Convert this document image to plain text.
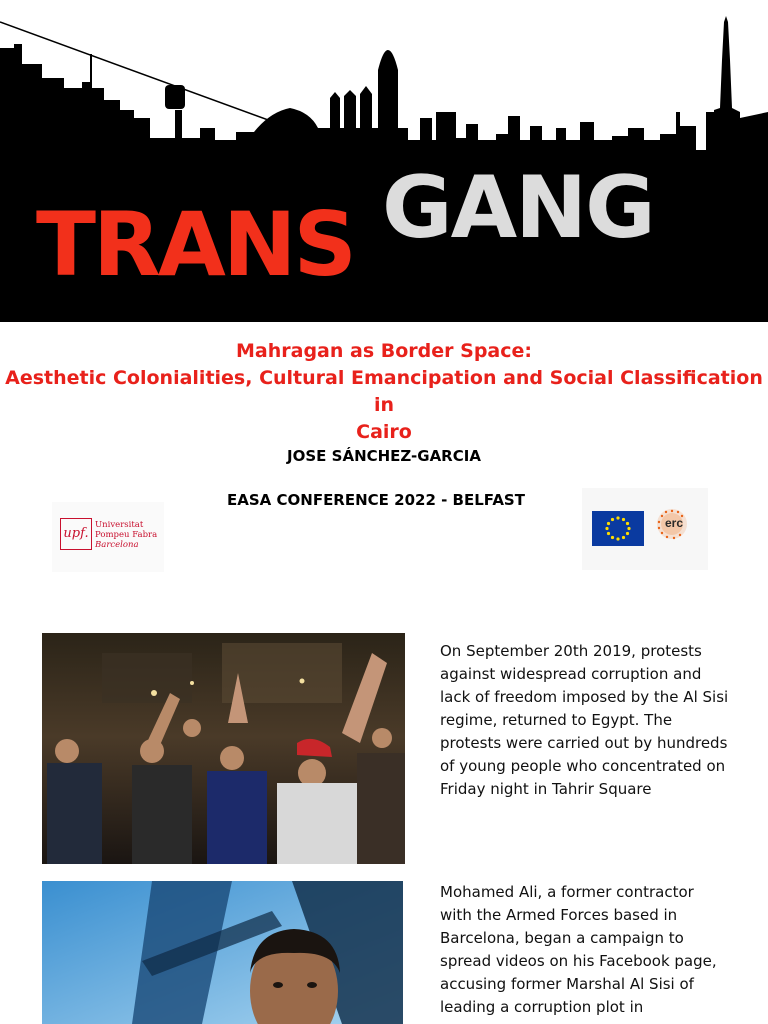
TRANS GANG
Mahragan as Border Space:
Aesthetic Colonialities, Cultural Emancipation and Social Classification in
Cairo
JOSE SÁNCHEZ-GARCIA
EASA CONFERENCE 2022 - BELFAST
upf.
Universitat
Pompeu Fabra
Barcelona
erc
On September 20th 2019, protests against widespread corruption and lack of freedom imposed by the Al Sisi regime, returned to Egypt. The protests were carried out by hundreds of young people who concentrated on Friday night in Tahrir Square
Mohamed Ali, a former contractor with the Armed Forces based in Barcelona, began a campaign to spread videos on his Facebook page, accusing former Marshal Al Sisi of leading a corruption plot in
